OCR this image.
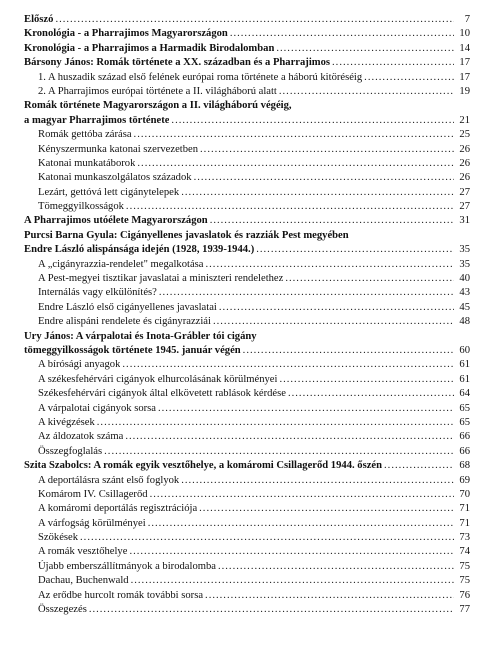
Előszó .....	7
Kronológia - a Pharrajimos Magyarországon .....	10
Kronológia - a Pharrajimos a Harmadik Birodalomban .....	14
Bársony János: Romák története a XX. században és a Pharrajimos .....	17
1. A huszadik század első felének európai roma története a háború kitöréséig .....	17
2. A Pharrajimos európai története a II. világháború alatt .....	19
Romák története Magyarországon a II. világháború végéig,
a magyar Pharrajimos története .....	21
Romák gettóba zárása .....	25
Kényszermunka katonai szervezetben .....	26
Katonai munkatáborok .....	26
Katonai munkaszolgálatos századok .....	26
Lezárt, gettóvá lett cigánytelepek .....	27
Tömeggyilkosságok .....	27
A Pharrajimos utóélete Magyarországon .....	31
Purcsi Barna Gyula: Cigányellenes javaslatok és razziák Pest megyében
Endre László alispánsága idején (1928, 1939-1944.) .....	35
A „cigányrazzia-rendelet" megalkotása .....	35
A Pest-megyei tisztikar javaslatai a miniszteri rendelethez .....	40
Internálás vagy elkülönítés? .....	43
Endre László első cigányellenes javaslatai .....	45
Endre alispáni rendelete és cigányrazziái .....	48
Ury János: A várpalotai és Inota-Grábler tói cigány
tömeggyilkosságok története 1945. január végén .....	60
A bírósági anyagok .....	61
A székesfehérvári cigányok elhurcolásának körülményei .....	61
Székesfehérvári cigányok által elkövetett rablások kérdése .....	64
A várpalotai cigányok sorsa .....	65
A kivégzések .....	65
Az áldozatok száma .....	66
Összegfoglalás .....	66
Szita Szabolcs: A romák egyik vesztőhelye, a komáromi Csillagerőd 1944. őszén .....	68
A deportálásra szánt első foglyok .....	69
Komárom IV. Csillagerőd .....	70
A komáromi deportálás regisztrációja .....	71
A várfogság körülményei .....	71
Szökések .....	73
A romák vesztőhelye .....	74
Újabb emberszállítmányok a birodalomba .....	75
Dachau, Buchenwald .....	75
Az erődbe hurcolt romák további sorsa .....	76
Összegezés .....	77
